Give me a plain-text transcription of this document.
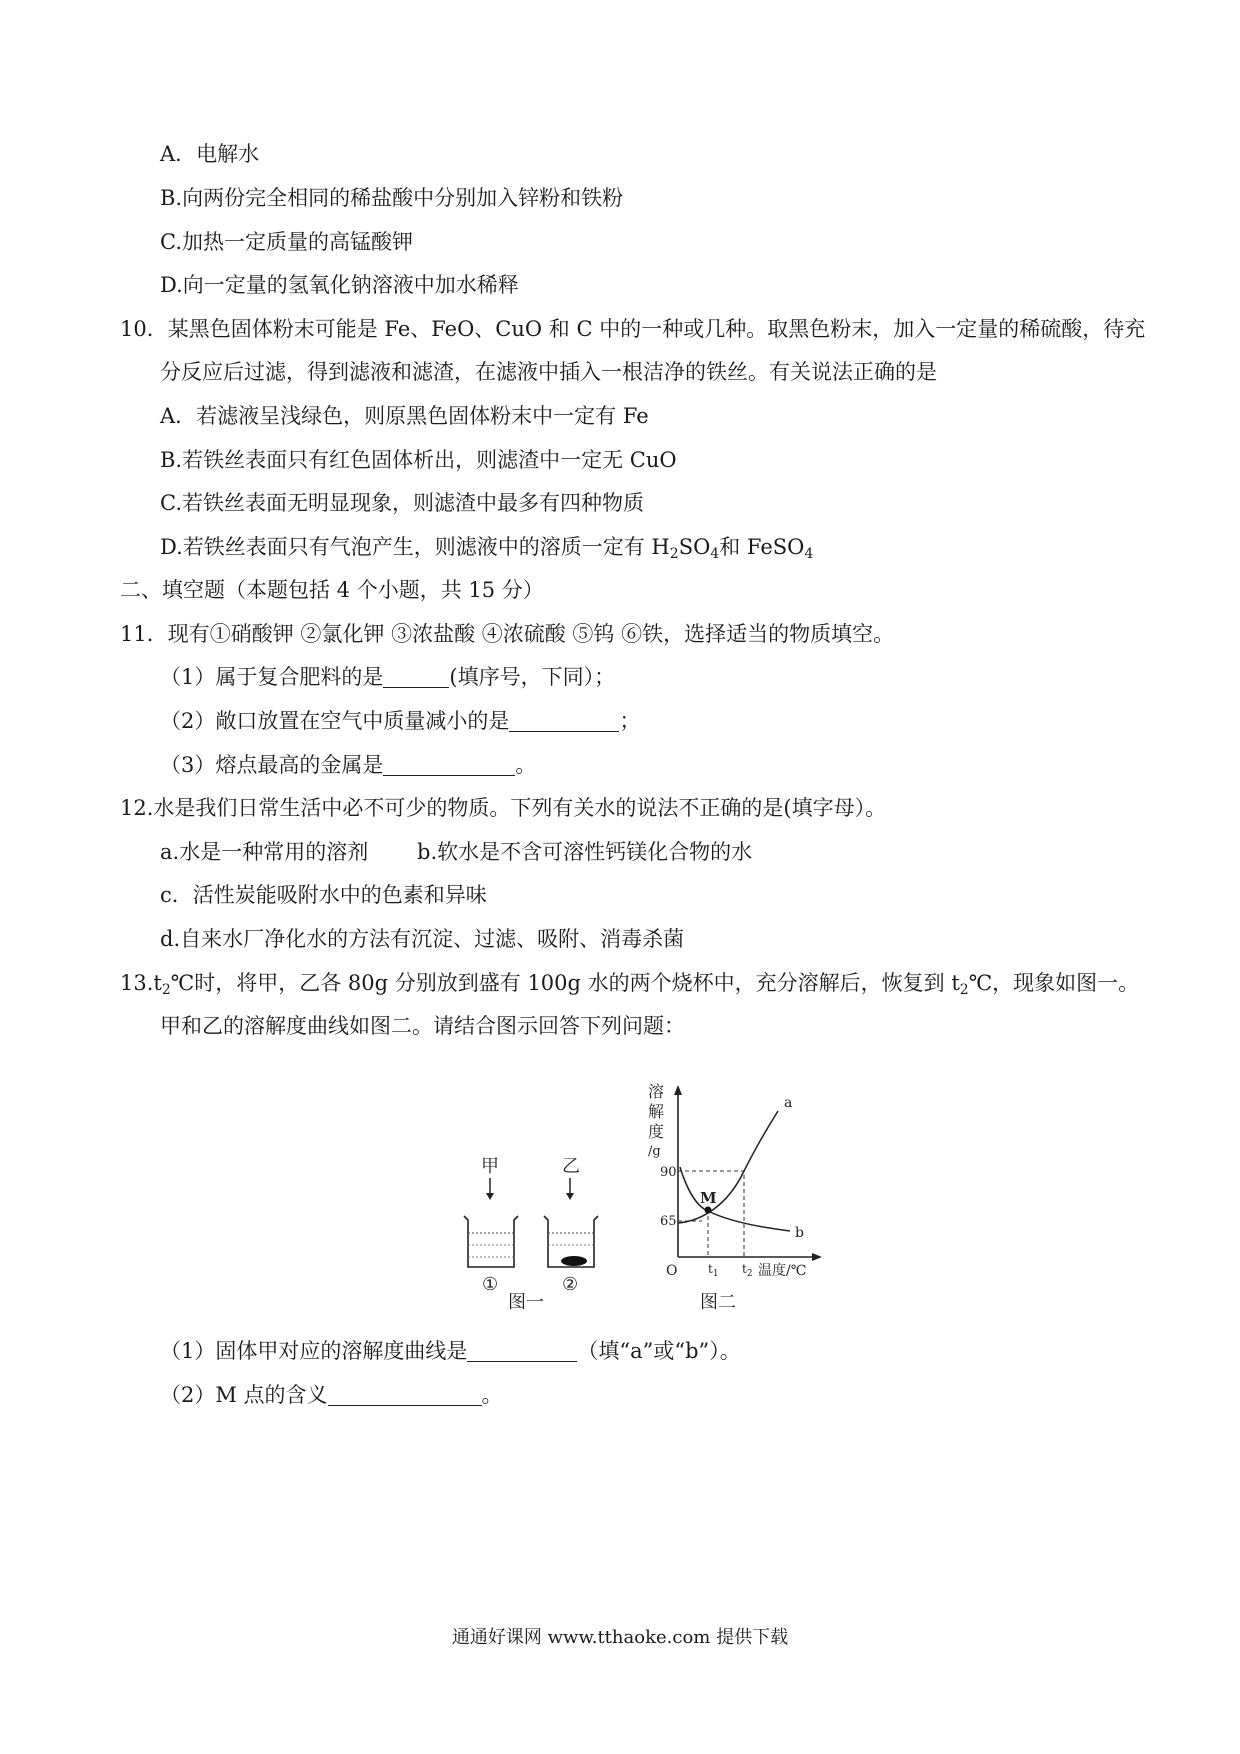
A．电解水
B.向两份完全相同的稀盐酸中分别加入锌粉和铁粉
C.加热一定质量的高锰酸钾
D.向一定量的氢氧化钠溶液中加水稀释
10．某黑色固体粉末可能是 Fe、FeO、CuO 和 C 中的一种或几种。取黑色粉末，加入一定量的稀硫酸，待充
分反应后过滤，得到滤液和滤渣，在滤液中插入一根洁净的铁丝。有关说法正确的是
A．若滤液呈浅绿色，则原黑色固体粉末中一定有 Fe
B.若铁丝表面只有红色固体析出，则滤渣中一定无 CuO
C.若铁丝表面无明显现象，则滤渣中最多有四种物质
D.若铁丝表面只有气泡产生，则滤液中的溶质一定有 $H_2SO_4$和 FeSO$_4$
二、填空题（本题包括 4 个小题，共 15 分）
11．现有①硝酸钾 ②氯化钾 ③浓盐酸 ④浓硫酸 ⑤钨 ⑥铁，选择适当的物质填空。
（1）属于复合肥料的是	(填序号，下同）；
（2）敞口放置在空气中质量减小的是	；
（3）熔点最高的金属是	。
12.水是我们日常生活中必不可少的物质。下列有关水的说法不正确的是(填字母）。
a.水是一种常用的溶剂 b.软水是不含可溶性钙镁化合物的水
c．活性炭能吸附水中的色素和异味
d.自来水厂净化水的方法有沉淀、过滤、吸附、消毒杀菌
$13.t_2℃$时，将甲，乙各 80g 分别放到盛有 100g 水的两个烧杯中，充分溶解后，恢复到 $t_2℃$，现象如图一。
甲和乙的溶解度曲线如图二。请结合图示回答下列问题：
甲	乙
①	②
图一
溶
解
度
/g
90
65
O	$t_1$ $t_2$ 温度/℃
M
a
b
图二
（1）固体甲对应的溶解度曲线是	（填“a”或“b”）。
（2）M 点的含义	。
通通好课网 www.tthaoke.com 提供下载
